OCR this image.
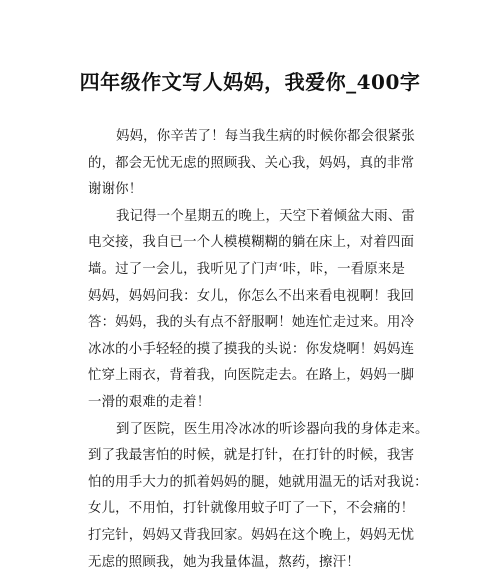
四年级作文写人妈妈，我爱你_400字
妈妈，你辛苦了！每当我生病的时候你都会很紧张
的，都会无忧无虑的照顾我、关心我，妈妈，真的非常
谢谢你！
我记得一个星期五的晚上，天空下着倾盆大雨、雷
电交接，我自已一个人模模糊糊的躺在床上，对着四面
墙。过了一会儿，我听见了门声‘咔，咔，一看原来是
妈妈，妈妈问我：女儿，你怎么不出来看电视啊！我回
答：妈妈，我的头有点不舒服啊！她连忙走过来。用冷
冰冰的小手轻轻的摸了摸我的头说：你发烧啊！妈妈连
忙穿上雨衣，背着我，向医院走去。在路上，妈妈一脚
一滑的艰难的走着！
到了医院，医生用冷冰冰的听诊器向我的身体走来。
到了我最害怕的时候，就是打针，在打针的时候，我害
怕的用手大力的抓着妈妈的腿，她就用温无的话对我说：
女儿，不用怕，打针就像用蚊子叮了一下，不会痛的！
打完针，妈妈又背我回家。妈妈在这个晚上，妈妈无忧
无虑的照顾我，她为我量体温，熬药，擦汗！
